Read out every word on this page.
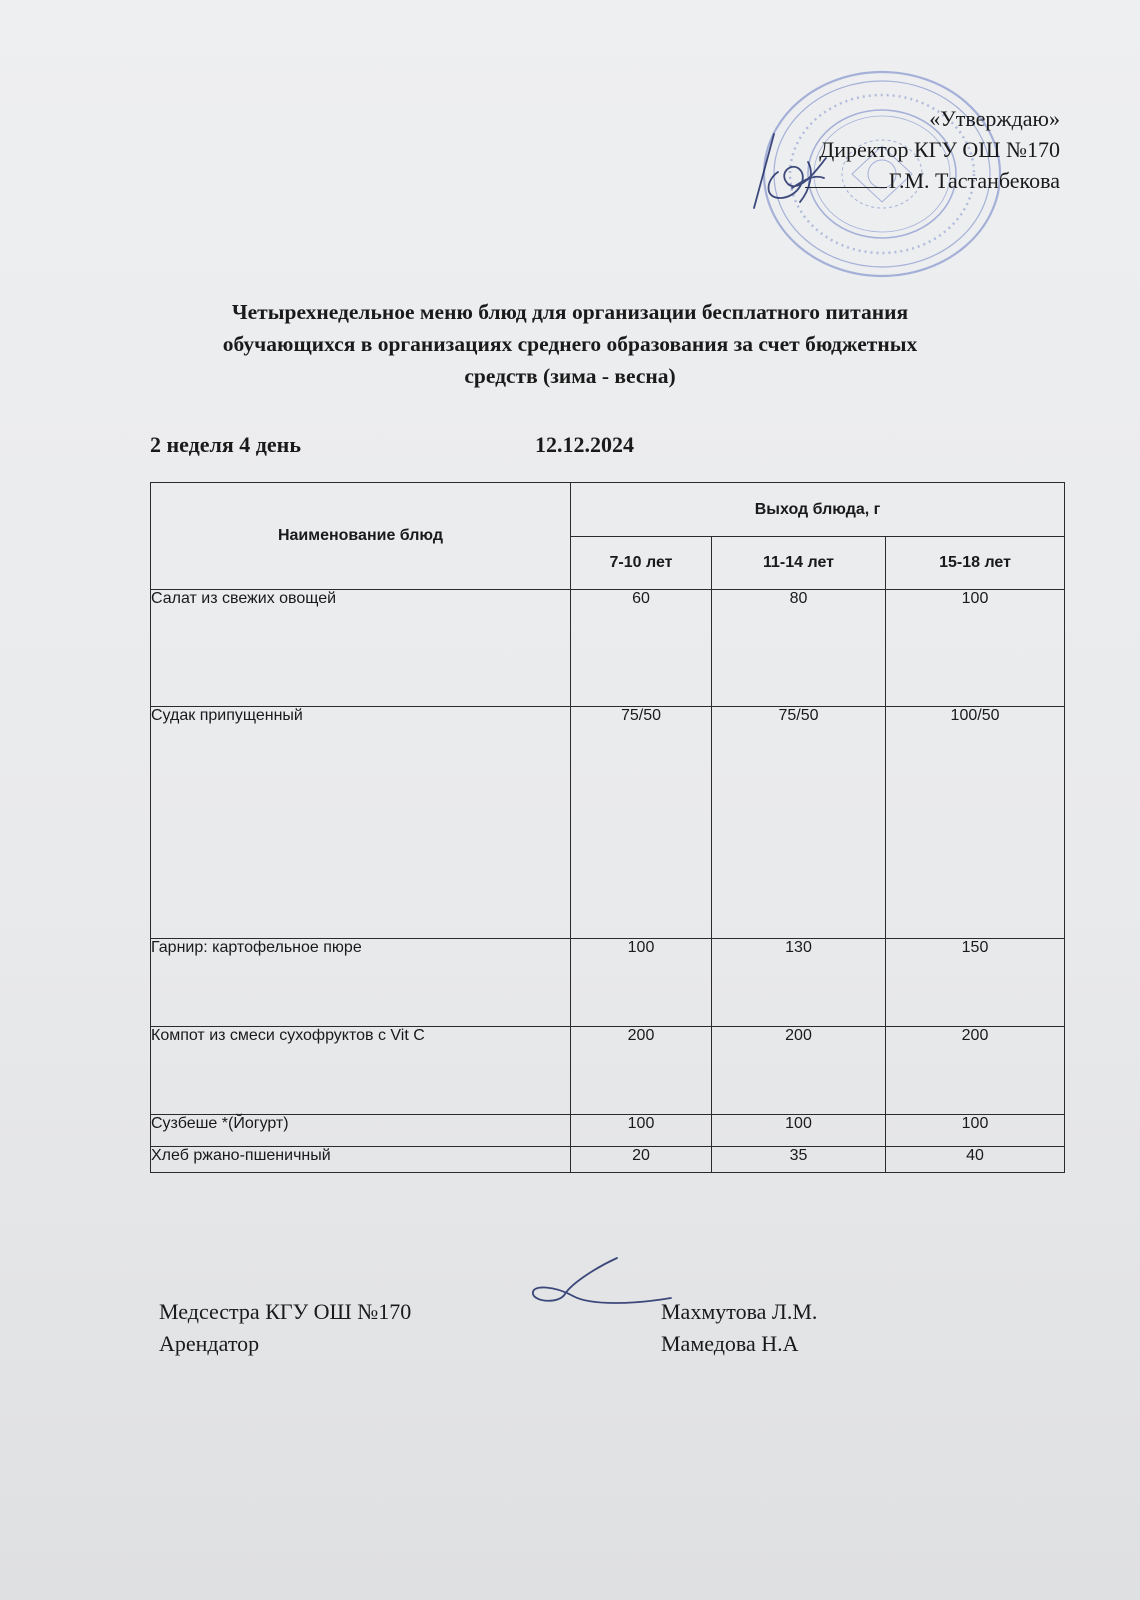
«Утверждаю»
Директор КГУ ОШ №170
Г.М. Тастанбекова
Четырехнедельное меню блюд для организации бесплатного питания
обучающихся в организациях среднего образования за счет бюджетных
средств (зима - весна)
2 неделя 4 день	12.12.2024
Наименование блюд	Выход блюда, г		
	7-10 лет	11-14 лет	15-18 лет
Салат из свежих овощей	60	80	100
Судак припущенный	75/50	75/50	100/50
Гарнир: картофельное пюре	100	130	150
Компот из смеси сухофруктов с Vit C	200	200	200
Сузбеше *(Йогурт)	100	100	100
Хлеб ржано-пшеничный	20	35	40
Медсестра КГУ ОШ №170
Арендатор
Махмутова Л.М.
Мамедова Н.А
